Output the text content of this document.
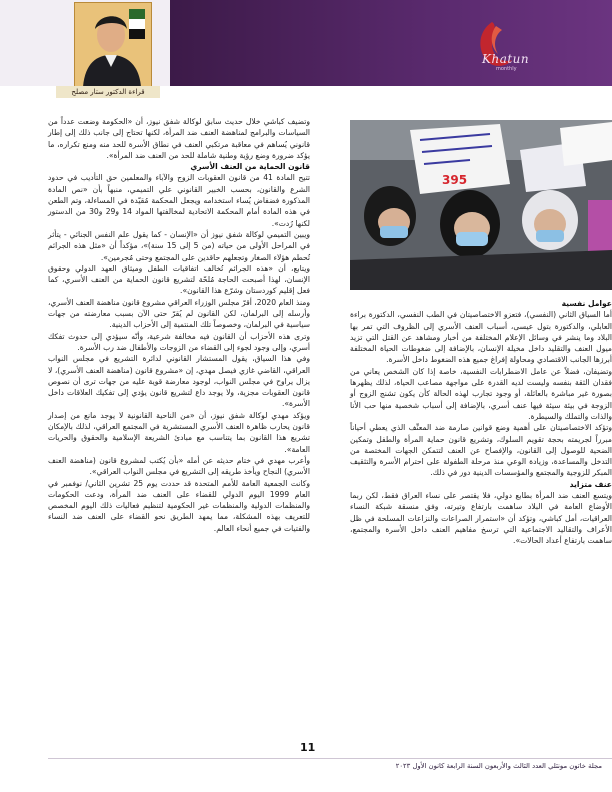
Khatun
monthly
قراءة الدكتور ستار مصلح
395

عوامل نفسية

أما السياق الثاني (النفسي)، فتعزو الاختصاصيتان في الطب النفسي، الدكتورة براءة العابلي، والدكتورة بتول عيسى، أسباب العنف الأسري إلى الظروف التي تمر بها البلاد وما ينشر في وسائل الإعلام المختلفة من أخبار ومشاهد عن القتل التي تزيد ميول العنف والتقليد داخل مخيلة الإنسان، بالإضافة إلى ضغوطات الحياة المختلفة أبرزها الجانب الاقتصادي ومحاولة إفراغ جميع هذه الضغوط داخل الأسرة.

وتضيفان، فضلاً عن عامل الاضطرابات النفسية، خاصة إذا كان الشخص يعاني من فقدان الثقة بنفسه وليست لديه القدرة على مواجهة مصاعب الحياة، لذلك يظهرها بصورة غير مباشرة بالعائلة، أو وجود تجارب لهذه الحالة كأن يكون تشنج الزوج أو الزوجة في بيئة سيئة فيها عنف أسري، بالإضافة إلى أسباب شخصية منها حب الأنا والذات والتملك والسيطرة.

وتؤكد الاختصاصيتان على أهمية وضع قوانين صارمة ضد المعنِّف الذي يعطي أحياناً مبرراً لجريمته بحجة تقويم السلوك، وتشريع قانون حماية المرأة والطفل وتمكين الضحية للوصول إلى القانون، والإفصاح عن العنف لتتمكن الجهات المختصة من التدخل والمساعدة، وزيادة الوعي منذ مرحلة الطفولة على احترام الأسرة والتثقيف المبكر للزوجية والمجتمع والمؤسسات الدينية دور في ذلك.

عنف متزايد

ويتسع العنف ضد المرأة بطابع دولي، فلا يقتصر على نساء العراق فقط، لكن ربما الأوضاع العامة في البلاد ساهمت بارتفاع وتيرته، وفق منسقة شبكة النساء العراقيات، أمل كباشي، وتؤكد أن «استمرار الصراعات والنزاعات المسلحة في ظل الأعراف والتقاليد الاجتماعية التي ترسخ مفاهيم العنف داخل الأسرة والمجتمع، ساهمت بارتفاع أعداد الحالات».

وتضيف كباشي خلال حديث سابق لوكالة شفق نيوز، أن «الحكومة وضعت عدداً من السياسات والبرامج لمناهضة العنف ضد المرأة، لكنها تحتاج إلى جانب ذلك إلى إطار قانوني يُساهم في معاقبة مرتكبي العنف في نطاق الأسرة للحد منه ومنع تكراره، ما يؤكد ضرورة وضع رؤية وطنية شاملة للحد من العنف ضد المرأة».

قانون الحماية من العنف الأسري

تتيح المادة 41 من قانون العقوبات الزوج والآباء والمعلمين حق التأديب في حدود الشرع والقانون، بحسب الخبير القانوني علي التميمي، منبهاً بأن «نص المادة المذكورة فضفاض يُساء استخدامه ويجعل المحكمة مُقيّدة في المساءلة، وتم الطعن في هذه المادة أمام المحكمة الاتحادية لمخالفتها المواد 14 و29 و30 من الدستور لكنها رُدت».

ويبين التميمي لوكالة شفق نيوز أن «الإنسان - كما يقول علم النفس الجنائي - يتأثر في المراحل الأولى من حياته (من 5 إلى 15 سنة)»، مؤكداً أن «مثل هذه الجرائم تُحطم هؤلاء الصغار وتجعلهم حاقدين على المجتمع وحتى مُجرمين».

ويتابع، أن «هذه الجرائم تُخالف اتفاقيات الطفل وميثاق العهد الدولي وحقوق الإنسان، لهذا أصبحت الحاجة مُلحّة لتشريع قانون الحماية من العنف الأسري، كما فعل إقليم كوردستان وشرّع هذا القانون».

ومنذ العام 2020، أقرّ مجلس الوزراء العراقي مشروع قانون مناهضة العنف الأسري، وأرسله إلى البرلمان، لكن القانون لم يُقرّ حتى الآن بسبب معارضته من جهات سياسية في البرلمان، وخصوصاً تلك المنتمية إلى الأحزاب الدينية.

وترى هذه الأحزاب أن القانون فيه مخالفة شرعية، وأنّه سيؤدي إلى حدوث تفكك أسري، وإلى وجود لجوء إلى القضاء من الزوجات والأطفال ضد رب الأسرة.

وفي هذا السياق، يقول المستشار القانوني لدائرة التشريع في مجلس النواب العراقي، القاضي غازي فيصل مهدي، إن «مشروع قانون (مناهضة العنف الأسري)، لا يزال يراوح في مجلس النواب، لوجود معارضة قوية عليه من جهات ترى أن نصوص قانون العقوبات مجزية، ولا يوجد داع لتشريع قانون يؤدي إلى تفكيك العلاقات داخل الأسرة».

ويؤكد مهدي لوكالة شفق نيوز، أن «من الناحية القانونية لا يوجد مانع من إصدار قانون يحارب ظاهرة العنف الأسري المستشرية في المجتمع العراقي، لذلك بالإمكان تشريع هذا القانون بما يتناسب مع مبادئ الشريعة الإسلامية والحقوق والحريات العامة».

وأعرب مهدي في ختام حديثه عن أمله «بأن يُكتب لمشروع قانون (مناهضة العنف الأسري) النجاح ويأخذ طريقه إلى التشريع في مجلس النواب العراقي».

وكانت الجمعية العامة للأمم المتحدة قد حددت يوم 25 تشرين الثاني/ نوفمبر في العام 1999 اليوم الدولي للقضاء على العنف ضد المرأة، ودعت الحكومات والمنظمات الدولية والمنظمات غير الحكومية لتنظيم فعاليات ذلك اليوم المخصص للتعريف بهذه المشكلة، مما يمهد الطريق نحو القضاء على العنف ضد النساء والفتيات في جميع أنحاء العالم.

11
مجلة خاتون مونثلي العدد الثالث والأربعون السنة الرابعة كانون الأول ٢٠٢٣
